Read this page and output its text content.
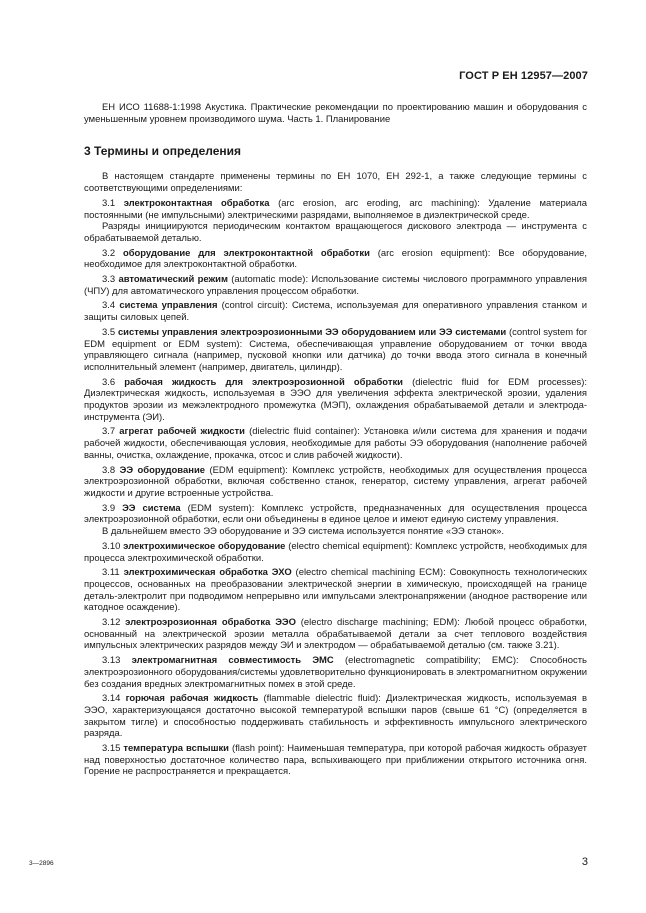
ГОСТ Р ЕН 12957—2007

ЕН ИСО 11688-1:1998 Акустика. Практические рекомендации по проектированию машин и оборудования с уменьшенным уровнем производимого шума. Часть 1. Планирование

3 Термины и определения

В настоящем стандарте применены термины по ЕН 1070, ЕН 292-1, а также следующие термины с соответствующими определениями:

3.1 электроконтактная обработка (arc erosion, arc eroding, arc machining): Удаление материала постоянными (не импульсными) электрическими разрядами, выполняемое в диэлектрической среде.

Разряды инициируются периодическим контактом вращающегося дискового электрода — инструмента с обрабатываемой деталью.

3.2 оборудование для электроконтактной обработки (arc erosion equipment): Все оборудование, необходимое для электроконтактной обработки.

3.3 автоматический режим (automatic mode): Использование системы числового программного управления (ЧПУ) для автоматического управления процессом обработки.

3.4 система управления (control circuit): Система, используемая для оперативного управления станком и защиты силовых цепей.

3.5 системы управления электроэрозионными ЭЭ оборудованием или ЭЭ системами (control system for EDM equipment or EDM system): Система, обеспечивающая управление оборудованием от точки ввода управляющего сигнала (например, пусковой кнопки или датчика) до точки ввода этого сигнала в конечный исполнительный элемент (например, двигатель, цилиндр).

3.6 рабочая жидкость для электроэрозионной обработки (dielectric fluid for EDM processes): Диэлектрическая жидкость, используемая в ЭЭО для увеличения эффекта электрической эрозии, удаления продуктов эрозии из межэлектродного промежутка (МЭП), охлаждения обрабатываемой детали и электрода-инструмента (ЭИ).

3.7 агрегат рабочей жидкости (dielectric fluid container): Установка и/или система для хранения и подачи рабочей жидкости, обеспечивающая условия, необходимые для работы ЭЭ оборудования (наполнение рабочей ванны, очистка, охлаждение, прокачка, отсос и слив рабочей жидкости).

3.8 ЭЭ оборудование (EDM equipment): Комплекс устройств, необходимых для осуществления процесса электроэрозионной обработки, включая собственно станок, генератор, систему управления, агрегат рабочей жидкости и другие встроенные устройства.

3.9 ЭЭ система (EDM system): Комплекс устройств, предназначенных для осуществления процесса электроэрозионной обработки, если они объединены в единое целое и имеют единую систему управления.

В дальнейшем вместо ЭЭ оборудование и ЭЭ система используется понятие «ЭЭ станок».

3.10 электрохимическое оборудование (electro chemical equipment): Комплекс устройств, необходимых для процесса электрохимической обработки.

3.11 электрохимическая обработка ЭХО (electro chemical machining ECM): Совокупность технологических процессов, основанных на преобразовании электрической энергии в химическую, происходящей на границе деталь-электролит при подводимом непрерывно или импульсами электронапряжении (анодное растворение или катодное осаждение).

3.12 электроэрозионная обработка ЭЭО (electro discharge machining; EDM): Любой процесс обработки, основанный на электрической эрозии металла обрабатываемой детали за счет теплового воздействия импульсных электрических разрядов между ЭИ и электродом — обрабатываемой деталью (см. также 3.21).

3.13 электромагнитная совместимость ЭМС (electromagnetic compatibility; EMC): Способность электроэрозионного оборудования/системы удовлетворительно функционировать в электромагнитном окружении без создания вредных электромагнитных помех в этой среде.

3.14 горючая рабочая жидкость (flammable dielectric fluid): Диэлектрическая жидкость, используемая в ЭЭО, характеризующаяся достаточно высокой температурой вспышки паров (свыше 61 °С) (определяется в закрытом тигле) и способностью поддерживать стабильность и эффективность импульсного электрического разряда.

3.15 температура вспышки (flash point): Наименьшая температура, при которой рабочая жидкость образует над поверхностью достаточное количество пара, вспыхивающего при приближении открытого источника огня. Горение не распространяется и прекращается.

3—2896	3
